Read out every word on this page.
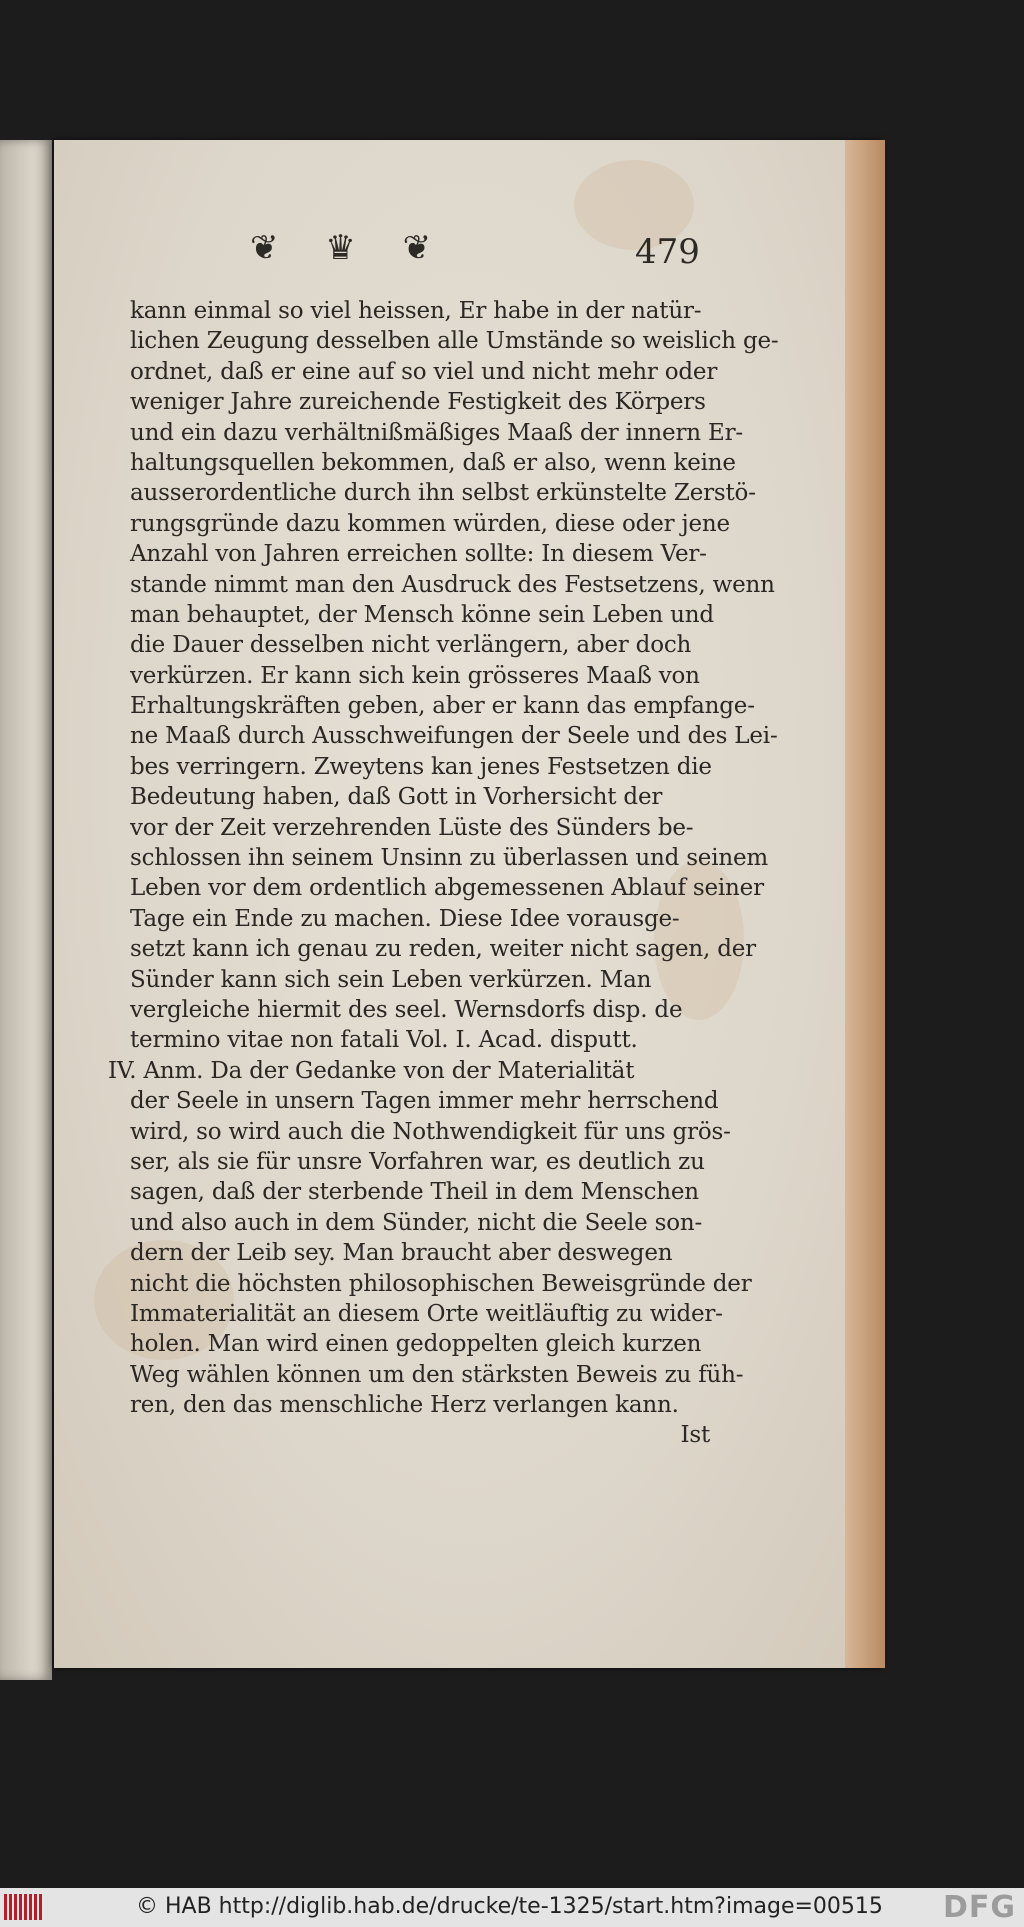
❦ ♛ ❦	479
kann einmal so viel heissen, Er habe in der natür-
lichen Zeugung desselben alle Umstände so weislich ge-
ordnet, daß er eine auf so viel und nicht mehr oder
weniger Jahre zureichende Festigkeit des Körpers
und ein dazu verhältnißmäßiges Maaß der innern Er-
haltungsquellen bekommen, daß er also, wenn keine
ausserordentliche durch ihn selbst erkünstelte Zerstö-
rungsgründe dazu kommen würden, diese oder jene
Anzahl von Jahren erreichen sollte: In diesem Ver-
stande nimmt man den Ausdruck des Festsetzens, wenn
man behauptet, der Mensch könne sein Leben und
die Dauer desselben nicht verlängern, aber doch
verkürzen. Er kann sich kein grösseres Maaß von
Erhaltungskräften geben, aber er kann das empfange-
ne Maaß durch Ausschweifungen der Seele und des Lei-
bes verringern. Zweytens kan jenes Festsetzen die
Bedeutung haben, daß Gott in Vorhersicht der
vor der Zeit verzehrenden Lüste des Sünders be-
schlossen ihn seinem Unsinn zu überlassen und seinem
Leben vor dem ordentlich abgemessenen Ablauf seiner
Tage ein Ende zu machen. Diese Idee vorausge-
setzt kann ich genau zu reden, weiter nicht sagen, der
Sünder kann sich sein Leben verkürzen. Man
vergleiche hiermit des seel. Wernsdorfs disp. de
termino vitae non fatali Vol. I. Acad. disputt.
IV. Anm. Da der Gedanke von der Materialität
der Seele in unsern Tagen immer mehr herrschend
wird, so wird auch die Nothwendigkeit für uns grös-
ser, als sie für unsre Vorfahren war, es deutlich zu
sagen, daß der sterbende Theil in dem Menschen
und also auch in dem Sünder, nicht die Seele son-
dern der Leib sey. Man braucht aber deswegen
nicht die höchsten philosophischen Beweisgründe der
Immaterialität an diesem Orte weitläuftig zu wider-
holen. Man wird einen gedoppelten gleich kurzen
Weg wählen können um den stärksten Beweis zu füh-
ren, den das menschliche Herz verlangen kann.
Ist
© HAB http://diglib.hab.de/drucke/te-1325/start.htm?image=00515 DFG
